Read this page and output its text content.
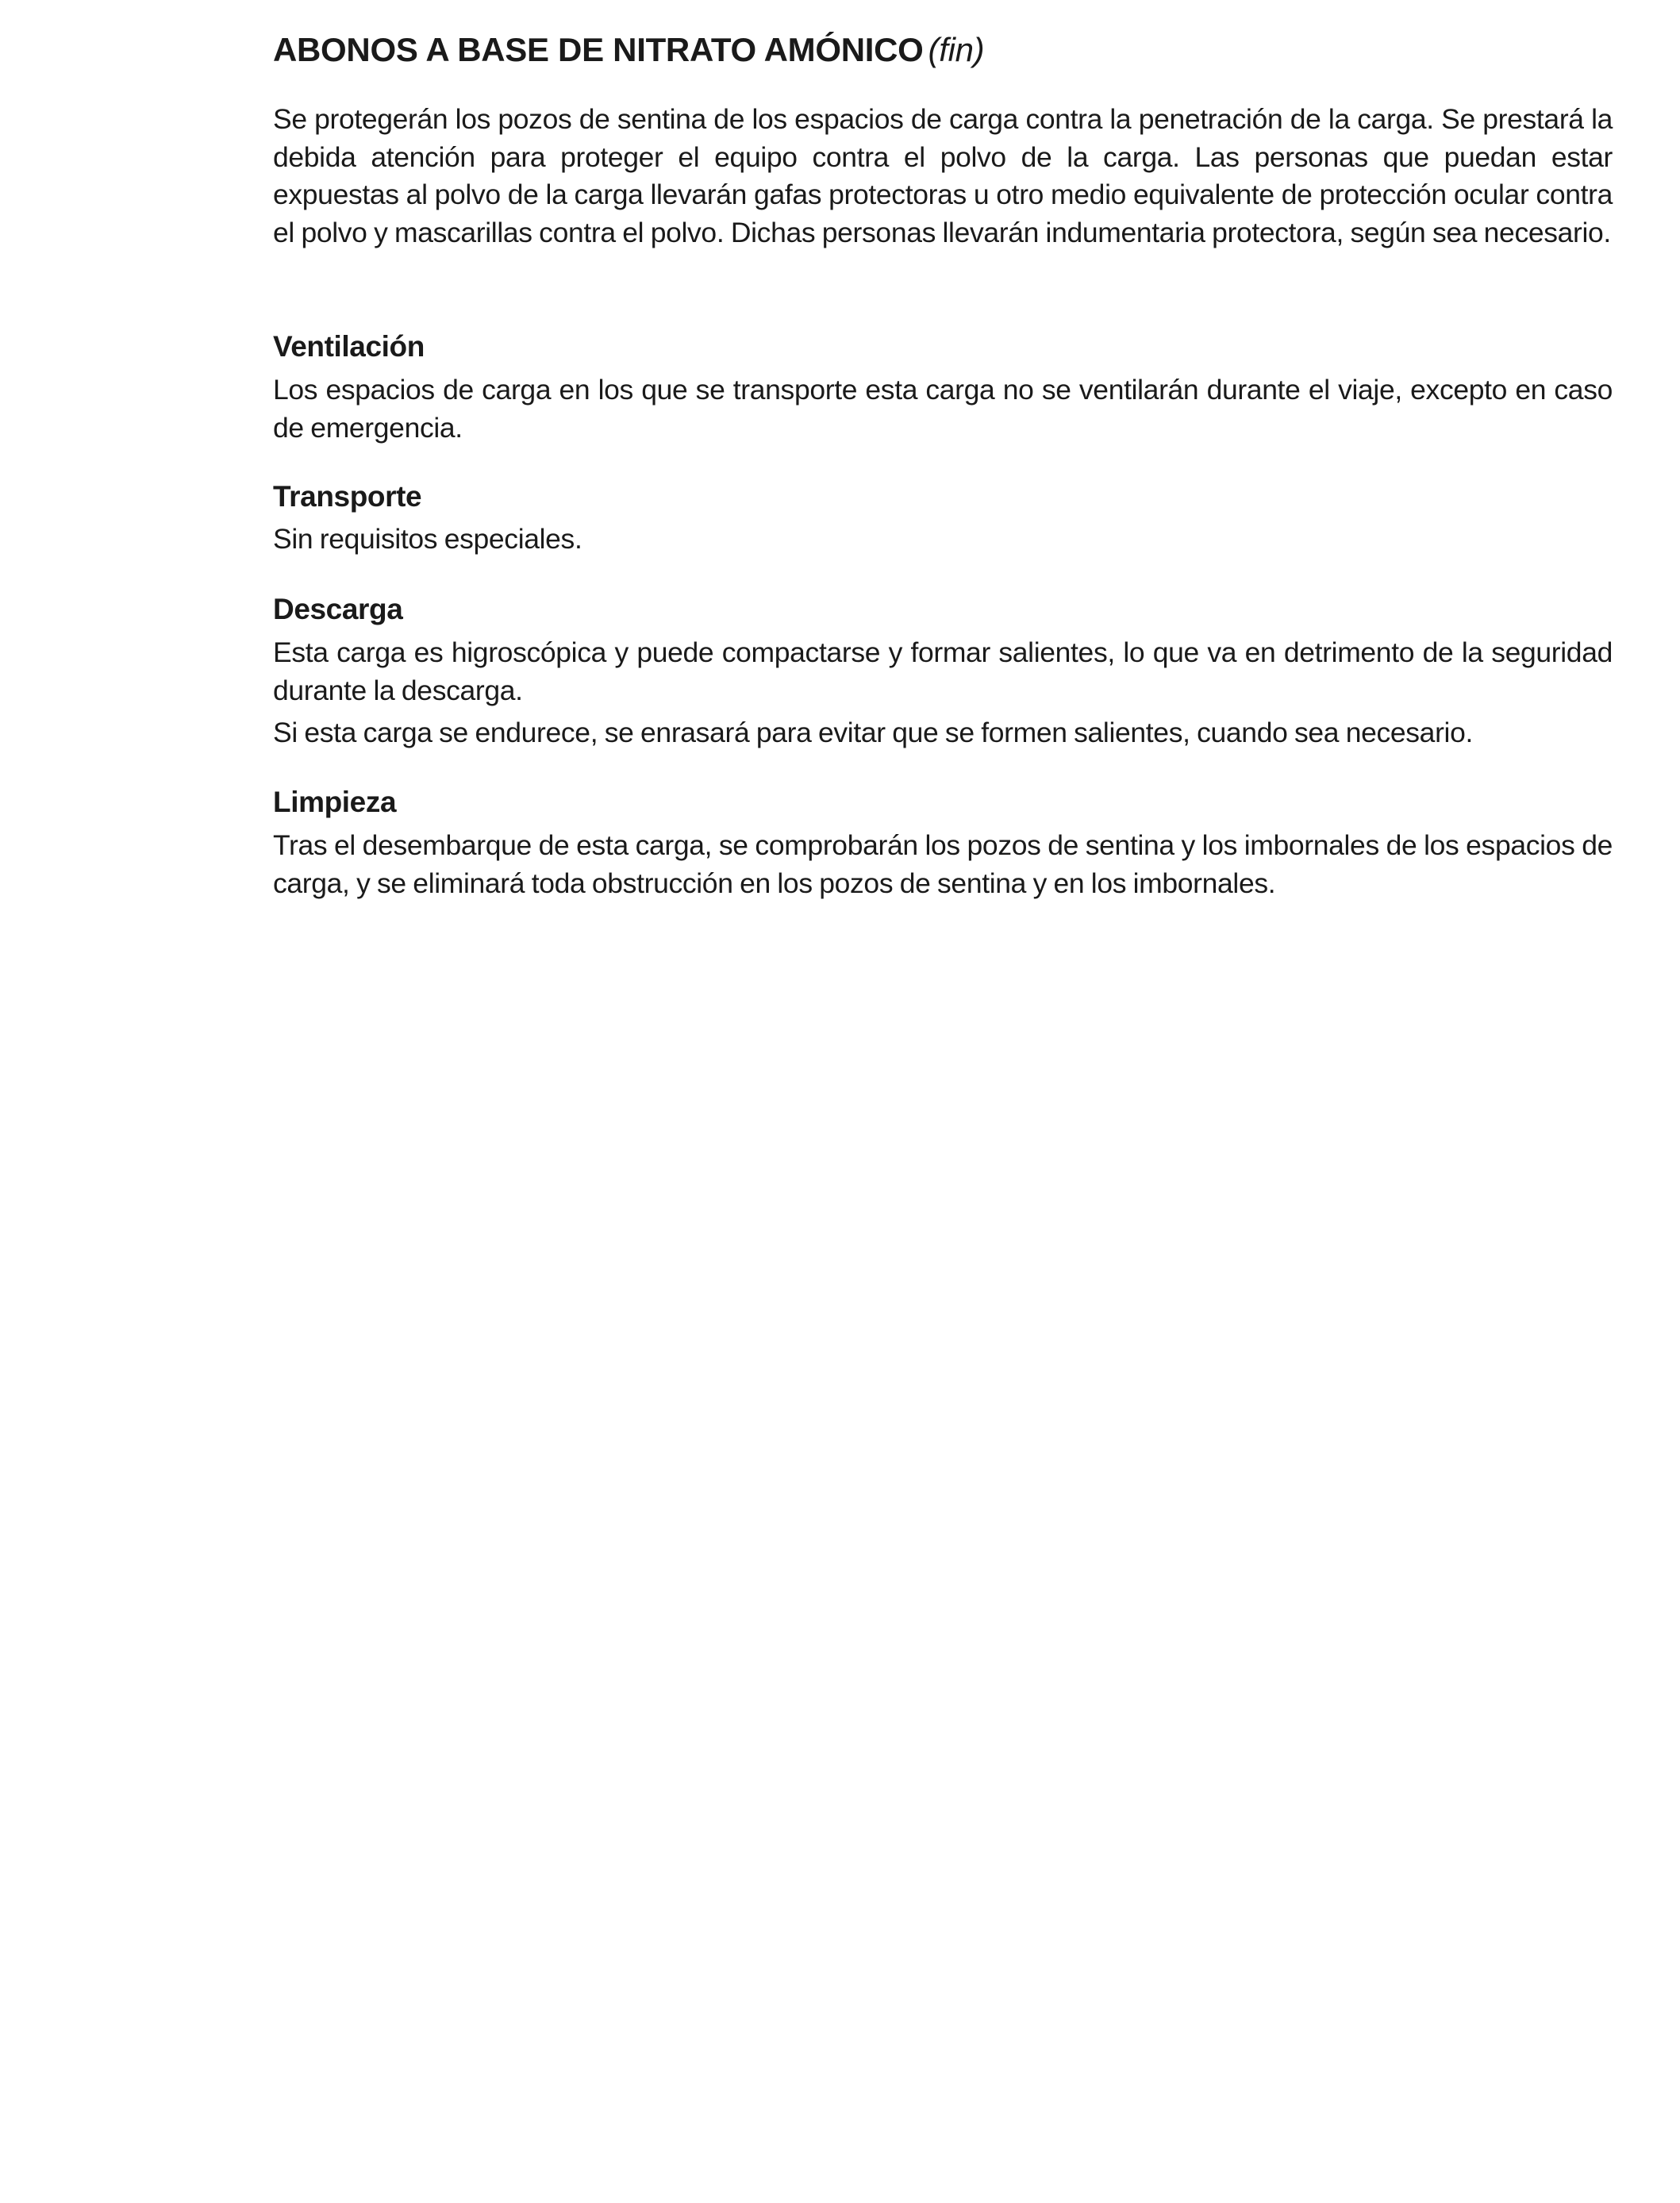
ABONOS A BASE DE NITRATO AMÓNICO (fin)

Se protegerán los pozos de sentina de los espacios de carga contra la penetración de la carga. Se prestará la debida atención para proteger el equipo contra el polvo de la carga. Las personas que puedan estar expuestas al polvo de la carga llevarán gafas protectoras u otro medio equivalente de protección ocular contra el polvo y mascarillas contra el polvo. Dichas personas llevarán indumentaria protectora, según sea necesario.

Ventilación

Los espacios de carga en los que se transporte esta carga no se ventilarán durante el viaje, excepto en caso de emergencia.

Transporte

Sin requisitos especiales.

Descarga

Esta carga es higroscópica y puede compactarse y formar salientes, lo que va en detrimento de la seguridad durante la descarga.

Si esta carga se endurece, se enrasará para evitar que se formen salientes, cuando sea necesario.

Limpieza

Tras el desembarque de esta carga, se comprobarán los pozos de sentina y los imbornales de los espacios de carga, y se eliminará toda obstrucción en los pozos de sentina y en los imbornales.
